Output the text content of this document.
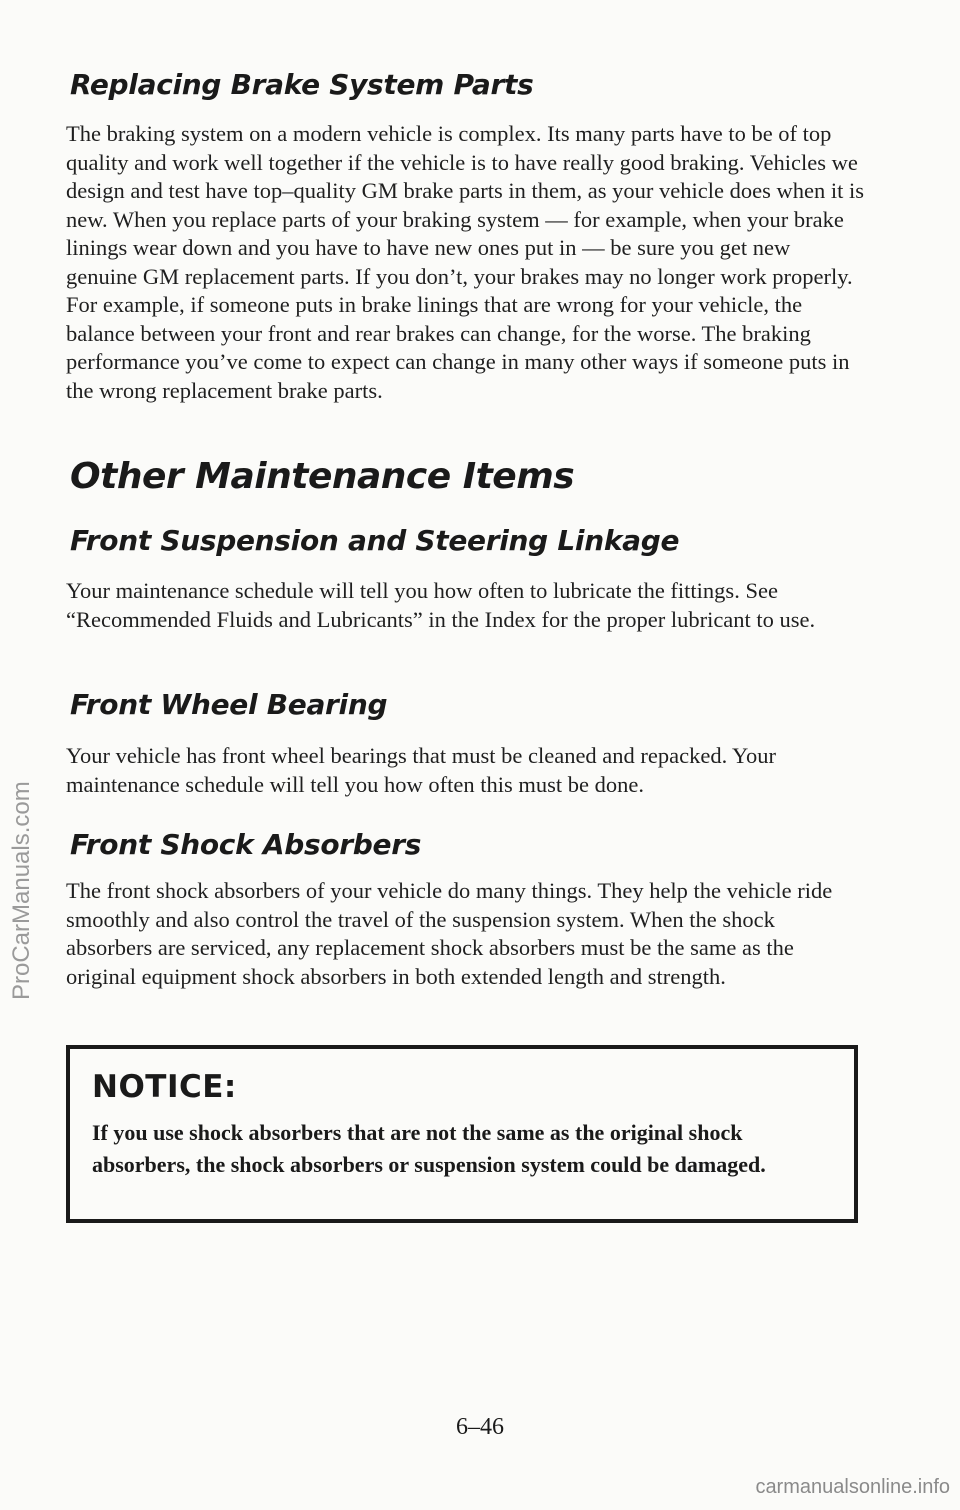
Replacing Brake System Parts

The braking system on a modern vehicle is complex. Its many parts have to be of top quality and work well together if the vehicle is to have really good braking. Vehicles we design and test have top–quality GM brake parts in them, as your vehicle does when it is new. When you replace parts of your braking system — for example, when your brake linings wear down and you have to have new ones put in — be sure you get new genuine GM replacement parts. If you don’t, your brakes may no longer work properly. For example, if someone puts in brake linings that are wrong for your vehicle, the balance between your front and rear brakes can change, for the worse. The braking performance you’ve come to expect can change in many other ways if someone puts in the wrong replacement brake parts.

Other Maintenance Items
Front Suspension and Steering Linkage

Your maintenance schedule will tell you how often to lubricate the fittings. See “Recommended Fluids and Lubricants” in the Index for the proper lubricant to use.

Front Wheel Bearing

Your vehicle has front wheel bearings that must be cleaned and repacked. Your maintenance schedule will tell you how often this must be done.

Front Shock Absorbers

The front shock absorbers of your vehicle do many things. They help the vehicle ride smoothly and also control the travel of the suspension system. When the shock absorbers are serviced, any replacement shock absorbers must be the same as the original equipment shock absorbers in both extended length and strength.

NOTICE:

If you use shock absorbers that are not the same as the original shock absorbers, the shock absorbers or suspension system could be damaged.

6–46
ProCarManuals.com
carmanualsonline.info
